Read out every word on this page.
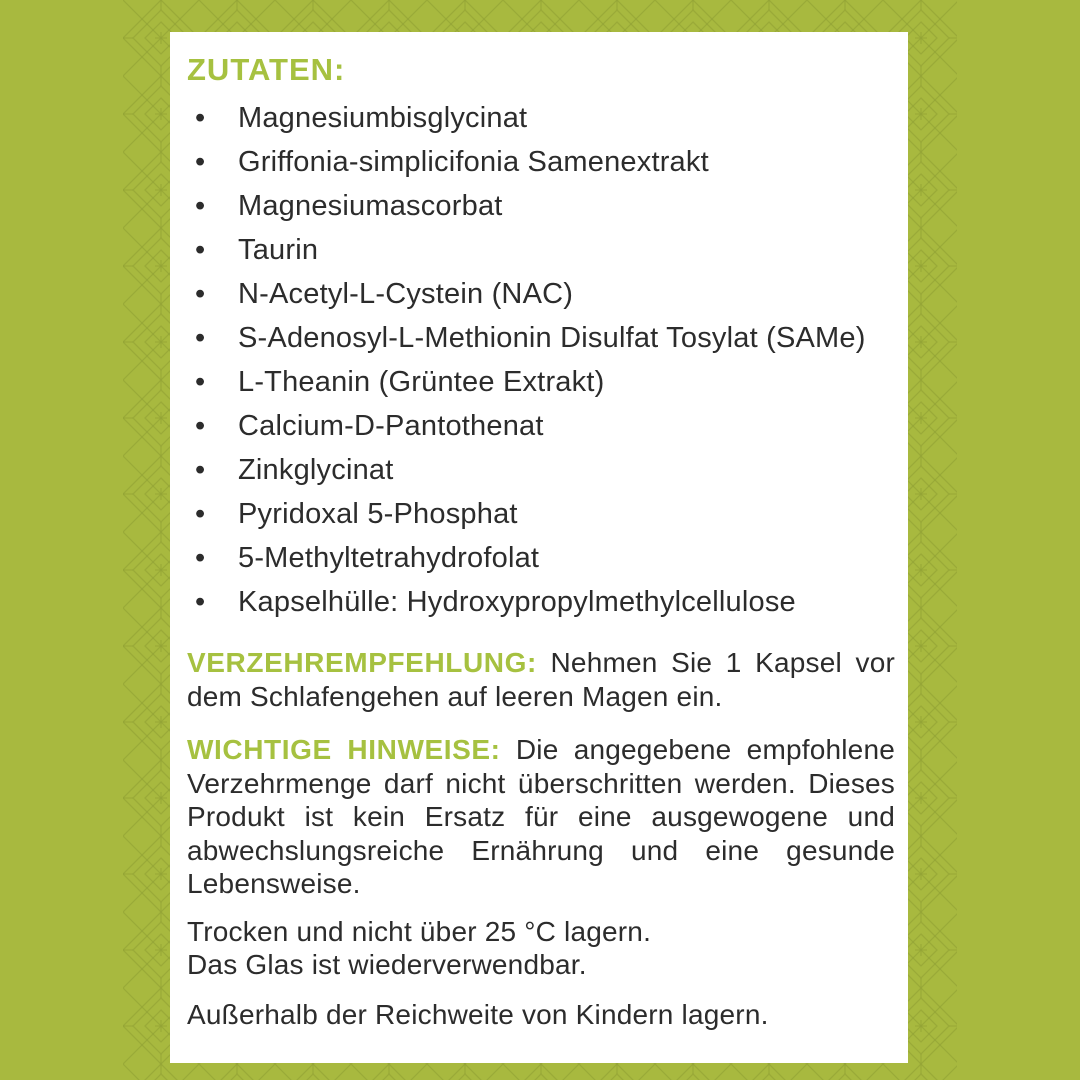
ZUTATEN:
• Magnesiumbisglycinat
• Griffonia-simplicifonia Samenextrakt
• Magnesiumascorbat
• Taurin
• N-Acetyl-L-Cystein (NAC)
• S-Adenosyl-L-Methionin Disulfat Tosylat (SAMe)
• L-Theanin (Grüntee Extrakt)
• Calcium-D-Pantothenat
• Zinkglycinat
• Pyridoxal 5-Phosphat
• 5-Methyltetrahydrofolat
• Kapselhülle: Hydroxypropylmethylcellulose

VERZEHREMPFEHLUNG: Nehmen Sie 1 Kapsel vor dem Schlafengehen auf leeren Magen ein.

WICHTIGE HINWEISE: Die angegebene empfohlene Verzehrmenge darf nicht überschritten werden. Dieses Produkt ist kein Ersatz für eine ausgewogene und abwechslungsreiche Ernährung und eine gesunde Lebensweise.

Trocken und nicht über 25 °C lagern.

Das Glas ist wiederverwendbar.

Außerhalb der Reichweite von Kindern lagern.
